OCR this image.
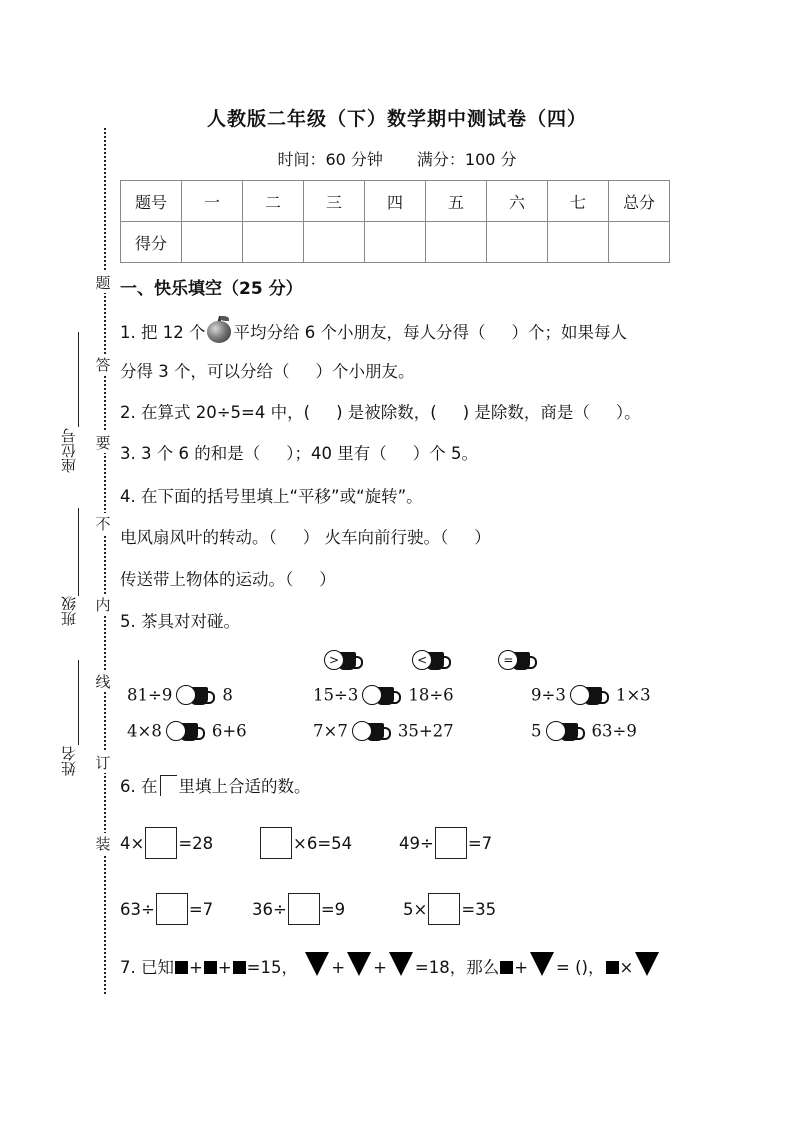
题
答
要
不
内
线
订
装
座位号
班级
姓名
人教版二年级（下）数学期中测试卷（四）
时间：60 分钟 满分：100 分
题号	一	二	三	四	五	六	七	总分
得分								
一、快乐填空（25 分）
1. 把 12 个 平均分给 6 个小朋友，每人分得（ ）个；如果每人
分得 3 个，可以分给（ ）个小朋友。
2. 在算式 20÷5=4 中，( ) 是被除数，( ) 是除数，商是（ ）。
3. 3 个 6 的和是（ ）；40 里有（ ）个 5。
4. 在下面的括号里填上“平移”或“旋转”。
电风扇风叶的转动。（ ） 火车向前行驶。（ ）
传送带上物体的运动。（ ）
5. 茶具对对碰。
>
	<
	=
81÷9	8	15÷3	18÷6	9÷3	1×3
4×8	6+6	7×7	35+27	5	63÷9
6. 在 里填上合适的数。
4× =28	×6=54	49÷ =7
63÷ =7 36÷ =9	5× =35
7. 已知 + + =15， + + =18，那么 + = ()， ×
